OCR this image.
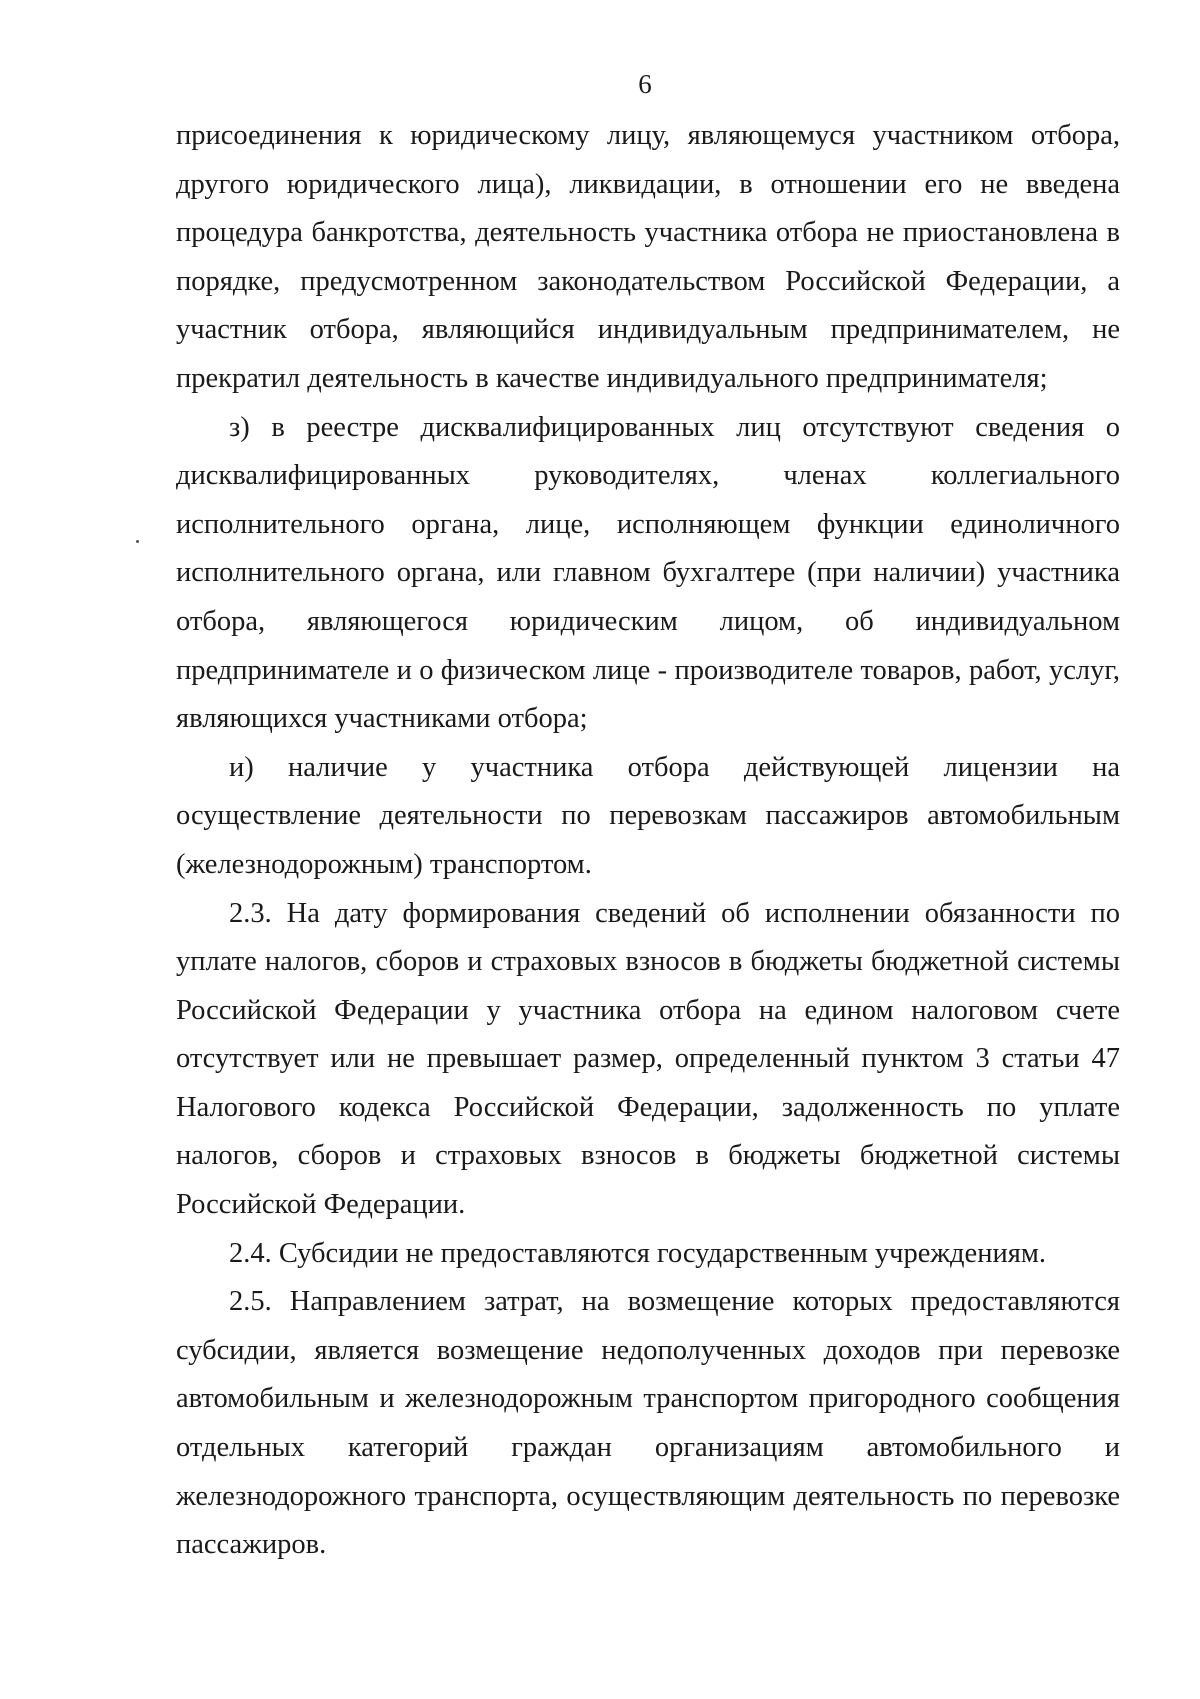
6

присоединения к юридическому лицу, являющемуся участником отбора, другого юридического лица), ликвидации, в отношении его не введена процедура банкротства, деятельность участника отбора не приостановлена в порядке, предусмотренном законодательством Российской Федерации, а участник отбора, являющийся индивидуальным предпринимателем, не прекратил деятельность в качестве индивидуального предпринимателя;

з) в реестре дисквалифицированных лиц отсутствуют сведения о дисквалифицированных руководителях, членах коллегиального исполнительного органа, лице, исполняющем функции единоличного исполнительного органа, или главном бухгалтере (при наличии) участника отбора, являющегося юридическим лицом, об индивидуальном предпринимателе и о физическом лице - производителе товаров, работ, услуг, являющихся участниками отбора;

и) наличие у участника отбора действующей лицензии на осуществление деятельности по перевозкам пассажиров автомобильным (железнодорожным) транспортом.

2.3. На дату формирования сведений об исполнении обязанности по уплате налогов, сборов и страховых взносов в бюджеты бюджетной системы Российской Федерации у участника отбора на едином налоговом счете отсутствует или не превышает размер, определенный пунктом 3 статьи 47 Налогового кодекса Российской Федерации, задолженность по уплате налогов, сборов и страховых взносов в бюджеты бюджетной системы Российской Федерации.

2.4. Субсидии не предоставляются государственным учреждениям.

2.5. Направлением затрат, на возмещение которых предоставляются субсидии, является возмещение недополученных доходов при перевозке автомобильным и железнодорожным транспортом пригородного сообщения отдельных категорий граждан организациям автомобильного и железнодорожного транспорта, осуществляющим деятельность по перевозке пассажиров.
